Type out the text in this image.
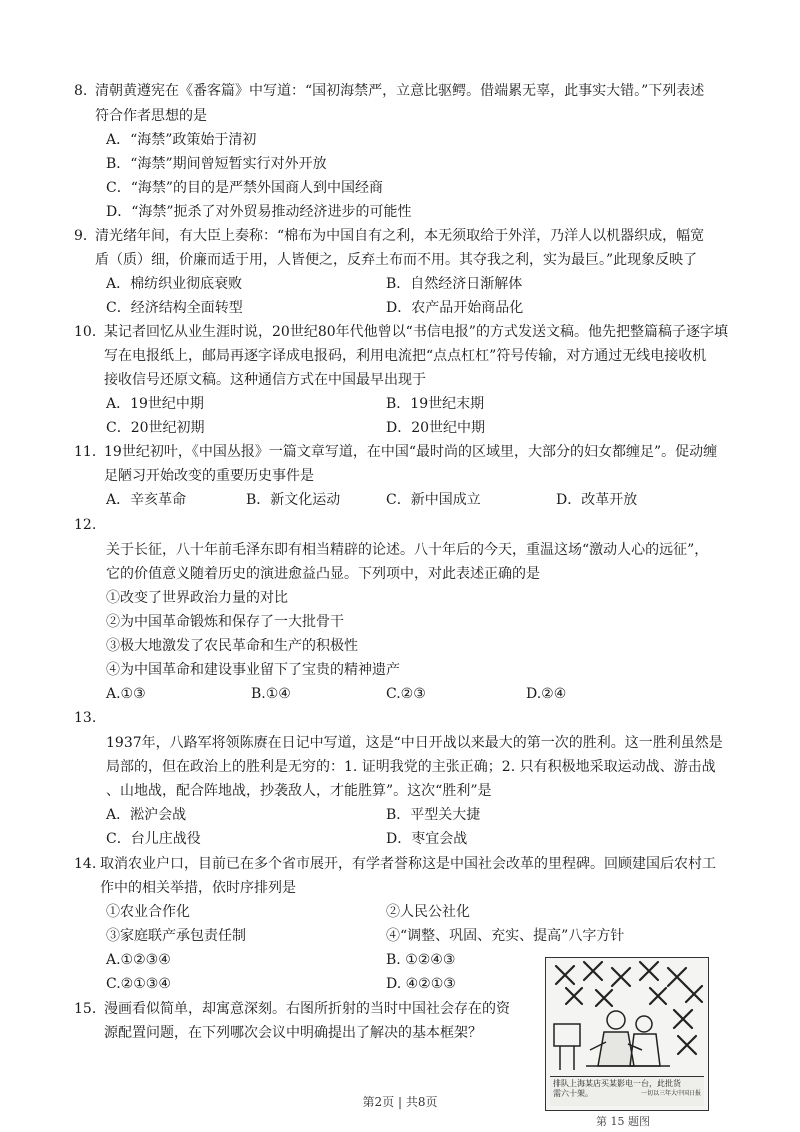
8. 清朝黄遵宪在《番客篇》中写道：“国初海禁严，立意比驱鳄。借端累无辜，此事实大错。”下列表述
符合作者思想的是
A．“海禁”政策始于清初
B．“海禁”期间曾短暂实行对外开放
C．“海禁”的目的是严禁外国商人到中国经商
D．“海禁”扼杀了对外贸易推动经济进步的可能性
9．
清光绪年间，有大臣上奏称：“棉布为中国自有之利，本无须取给于外洋，乃洋人以机器织成，幅宽
盾（质）细，价廉而适于用，人皆便之，反弃土布而不用。其夺我之利，实为最巨。”此现象反映了
A．棉纺织业彻底衰败	B．自然经济日渐解体
C．经济结构全面转型	D．农产品开始商品化
10．
某记者回忆从业生涯时说，20世纪80年代他曾以“书信电报”的方式发送文稿。他先把整篇稿子逐字填
写在电报纸上，邮局再逐字译成电报码，利用电流把“点点杠杠”符号传输，对方通过无线电接收机
接收信号还原文稿。这种通信方式在中国最早出现于
A．19世纪中期	B．19世纪末期
C．20世纪初期	D．20世纪中期
11．
19世纪初叶，《中国丛报》一篇文章写道，在中国“最时尚的区域里，大部分的妇女都缠足”。促动缠
足陋习开始改变的重要历史事件是
A．辛亥革命	B．新文化运动	C．新中国成立	D．改革开放
12.
关于长征，八十年前毛泽东即有相当精辟的论述。八十年后的今天，重温这场“激动人心的远征”，
它的价值意义随着历史的演进愈益凸显。下列项中，对此表述正确的是
①改变了世界政治力量的对比
②为中国革命锻炼和保存了一大批骨干
③极大地激发了农民革命和生产的积极性
④为中国革命和建设事业留下了宝贵的精神遗产
A.①③	B.①④	C.②③	D.②④
13.
1937年，八路军将领陈赓在日记中写道，这是“中日开战以来最大的第一次的胜利。这一胜利虽然是
局部的，但在政治上的胜利是无穷的：1. 证明我党的主张正确；2. 只有积极地采取运动战、游击战
、山地战，配合阵地战，抄袭敌人，才能胜算”。这次“胜利”是
A．淞沪会战	B．平型关大捷
C．台儿庄战役	D．枣宜会战
14. 取消农业户口，目前已在多个省市展开，有学者誉称这是中国社会改革的里程碑。回顾建国后农村工
作中的相关举措，依时序排列是
①农业合作化	②人民公社化
③家庭联产承包责任制	④“调整、巩固、充实、提高”八字方针
A.①②③④	B. ①②④③
C.②①③④	D. ④②①③
15．
漫画看似简单，却寓意深刻。右图所折射的当时中国社会存在的资
源配置问题，在下列哪次会议中明确提出了解决的基本框架？
排队上海某店买某影电一台，此批货
需六十架。	一切以三年大中国日报
第 15 题图
第2页 | 共8页
